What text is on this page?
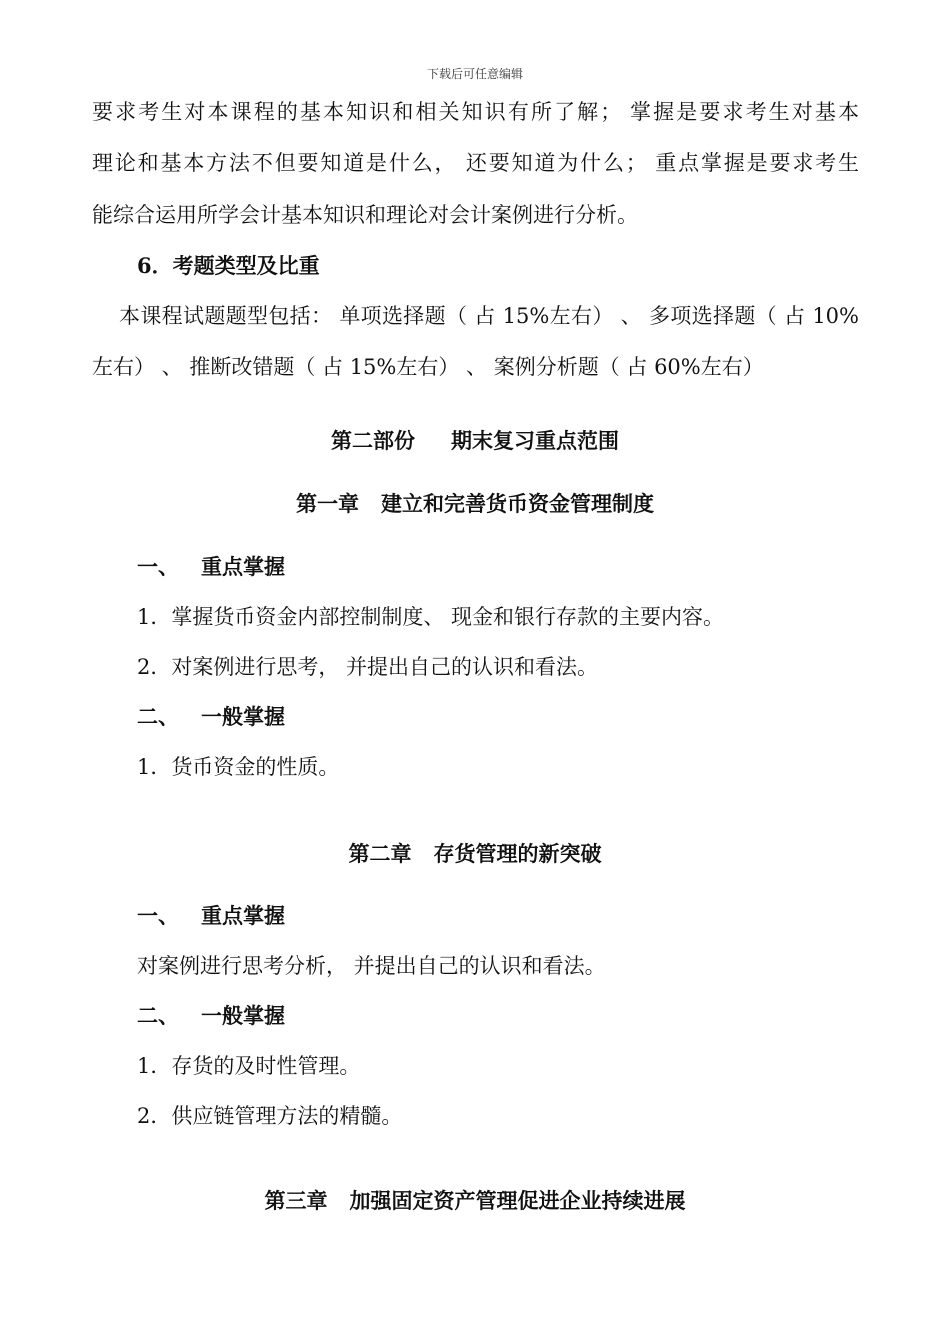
下载后可任意编辑
要求考生对本课程的基本知识和相关知识有所了解； 掌握是要求考生对基本
理论和基本方法不但要知道是什么， 还要知道为什么； 重点掌握是要求考生
能综合运用所学会计基本知识和理论对会计案例进行分析。
6．考题类型及比重
本课程试题题型包括： 单项选择题（ 占 15%左右） 、 多项选择题（ 占 10%
左右） 、 推断改错题（ 占 15%左右） 、 案例分析题（ 占 60%左右）
第二部份 期末复习重点范围
第一章 建立和完善货币资金管理制度
一、 重点掌握
1．掌握货币资金内部控制制度、 现金和银行存款的主要内容。
2．对案例进行思考， 并提出自己的认识和看法。
二、 一般掌握
1．货币资金的性质。
第二章 存货管理的新突破
一、 重点掌握
对案例进行思考分析， 并提出自己的认识和看法。
二、 一般掌握
1．存货的及时性管理。
2．供应链管理方法的精髓。
第三章 加强固定资产管理促进企业持续进展
